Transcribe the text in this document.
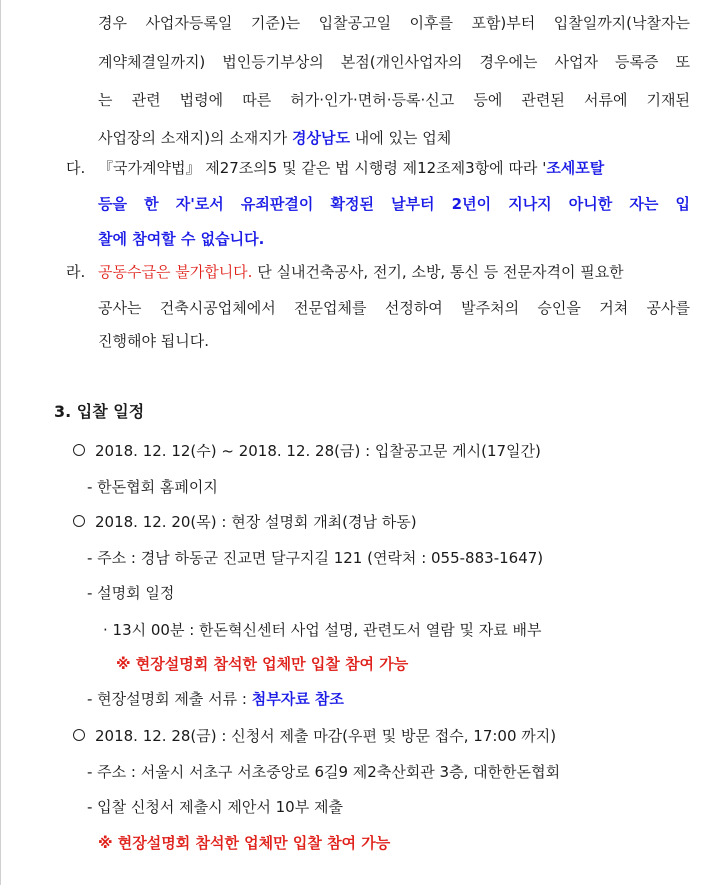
경우 사업자등록일 기준)는 입찰공고일 이후를 포함)부터 입찰일까지(낙찰자는
계약체결일까지) 법인등기부상의 본점(개인사업자의 경우에는 사업자 등록증 또
는 관련 법령에 따른 허가·인가·면허·등록·신고 등에 관련된 서류에 기재된
사업장의 소재지)의 소재지가 경상남도 내에 있는 업체
다. 『국가계약법』 제27조의5 및 같은 법 시행령 제12조제3항에 따라 '조세포탈
등을 한 자'로서 유죄판결이 확정된 날부터 2년이 지나지 아니한 자는 입
찰에 참여할 수 없습니다.
라. 공동수급은 불가합니다. 단 실내건축공사, 전기, 소방, 통신 등 전문자격이 필요한
공사는 건축시공업체에서 전문업체를 선정하여 발주처의 승인을 거쳐 공사를
진행해야 됩니다.
3. 입찰 일정
2018. 12. 12(수) ~ 2018. 12. 28(금) : 입찰공고문 게시(17일간)
- 한돈협회 홈페이지
2018. 12. 20(목) : 현장 설명회 개최(경남 하동)
- 주소 : 경남 하동군 진교면 달구지길 121 (연락처 : 055-883-1647)
- 설명회 일정
· 13시 00분 : 한돈혁신센터 사업 설명, 관련도서 열람 및 자료 배부
※ 현장설명회 참석한 업체만 입찰 참여 가능
- 현장설명회 제출 서류 : 첨부자료 참조
2018. 12. 28(금) : 신청서 제출 마감(우편 및 방문 접수, 17:00 까지)
- 주소 : 서울시 서초구 서초중앙로 6길9 제2축산회관 3층, 대한한돈협회
- 입찰 신청서 제출시 제안서 10부 제출
※ 현장설명회 참석한 업체만 입찰 참여 가능
